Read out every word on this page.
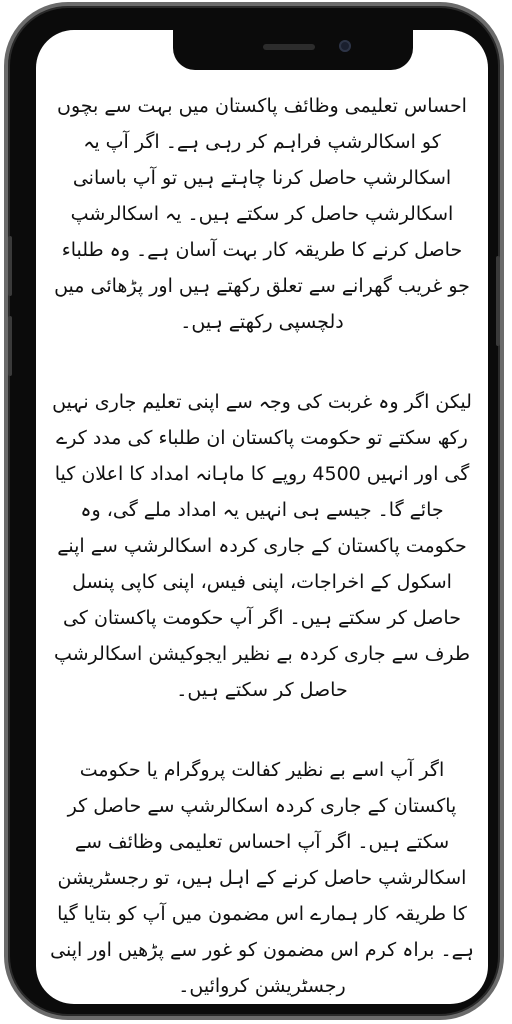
احساس تعلیمی وظائف پاکستان میں بہت سے بچوں کو اسکالرشپ فراہم کر رہی ہے۔ اگر آپ یہ اسکالرشپ حاصل کرنا چاہتے ہیں تو آپ باسانی اسکالرشپ حاصل کر سکتے ہیں۔ یہ اسکالرشپ حاصل کرنے کا طریقہ کار بہت آسان ہے۔ وہ طلباء جو غریب گھرانے سے تعلق رکھتے ہیں اور پڑھائی میں دلچسپی رکھتے ہیں۔

لیکن اگر وہ غربت کی وجہ سے اپنی تعلیم جاری نہیں رکھ سکتے تو حکومت پاکستان ان طلباء کی مدد کرے گی اور انہیں 4500 روپے کا ماہانہ امداد کا اعلان کیا جائے گا۔ جیسے ہی انہیں یہ امداد ملے گی، وہ حکومت پاکستان کے جاری کردہ اسکالرشپ سے اپنے اسکول کے اخراجات، اپنی فیس، اپنی کاپی پنسل حاصل کر سکتے ہیں۔ اگر آپ حکومت پاکستان کی طرف سے جاری کردہ بے نظیر ایجوکیشن اسکالرشپ حاصل کر سکتے ہیں۔

اگر آپ اسے بے نظیر کفالت پروگرام یا حکومت پاکستان کے جاری کردہ اسکالرشپ سے حاصل کر سکتے ہیں۔ اگر آپ احساس تعلیمی وظائف سے اسکالرشپ حاصل کرنے کے اہل ہیں، تو رجسٹریشن کا طریقہ کار ہمارے اس مضمون میں آپ کو بتایا گیا ہے۔ براہ کرم اس مضمون کو غور سے پڑھیں اور اپنی رجسٹریشن کروائیں۔
